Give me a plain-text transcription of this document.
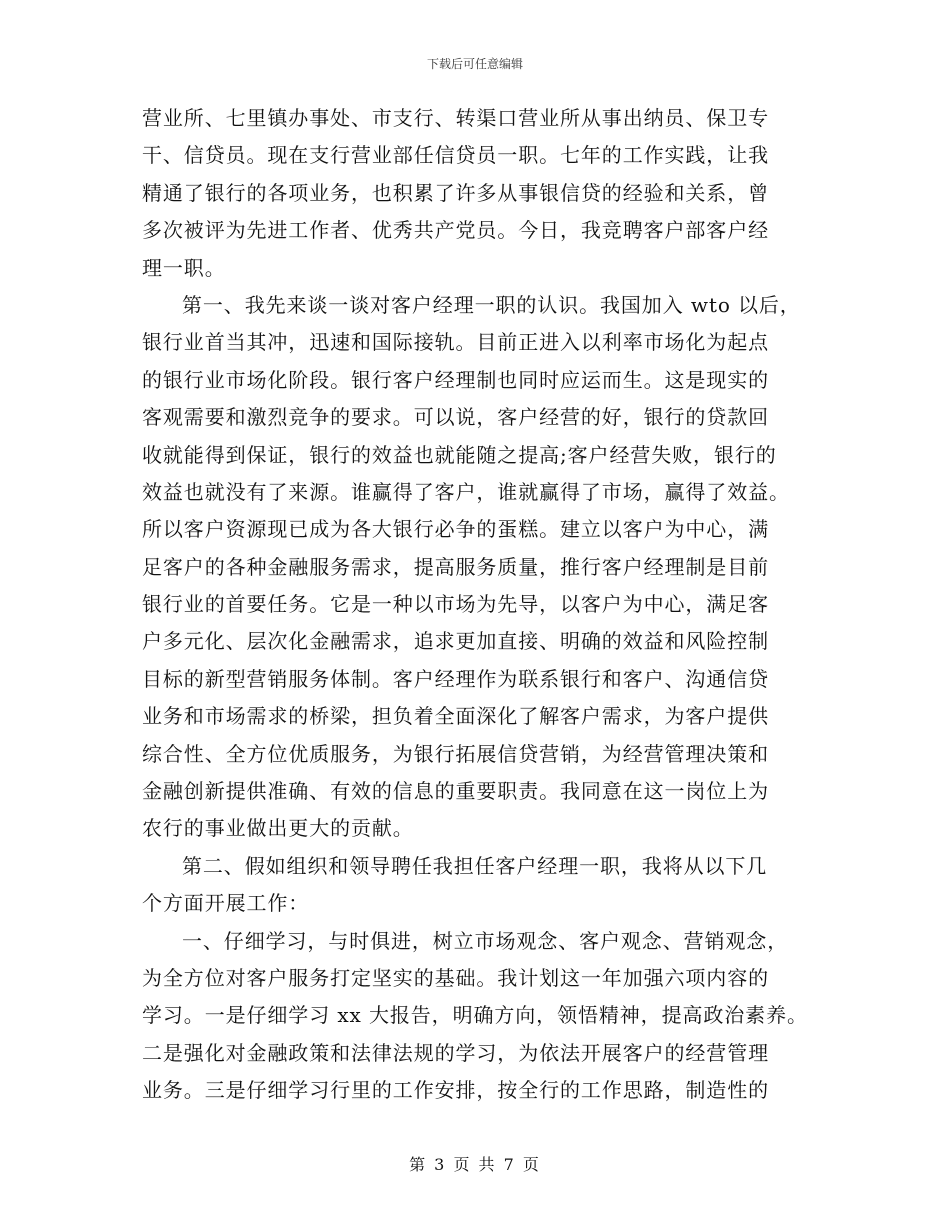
下载后可任意编辑
营业所、七里镇办事处、市支行、转渠口营业所从事出纳员、保卫专
干、信贷员。现在支行营业部任信贷员一职。七年的工作实践，让我
精通了银行的各项业务，也积累了许多从事银信贷的经验和关系，曾
多次被评为先进工作者、优秀共产党员。今日，我竞聘客户部客户经
理一职。
第一、我先来谈一谈对客户经理一职的认识。我国加入 wto 以后，
银行业首当其冲，迅速和国际接轨。目前正进入以利率市场化为起点
的银行业市场化阶段。银行客户经理制也同时应运而生。这是现实的
客观需要和激烈竞争的要求。可以说，客户经营的好，银行的贷款回
收就能得到保证，银行的效益也就能随之提高;客户经营失败，银行的
效益也就没有了来源。谁赢得了客户，谁就赢得了市场，赢得了效益。
所以客户资源现已成为各大银行必争的蛋糕。建立以客户为中心，满
足客户的各种金融服务需求，提高服务质量，推行客户经理制是目前
银行业的首要任务。它是一种以市场为先导，以客户为中心，满足客
户多元化、层次化金融需求，追求更加直接、明确的效益和风险控制
目标的新型营销服务体制。客户经理作为联系银行和客户、沟通信贷
业务和市场需求的桥梁，担负着全面深化了解客户需求，为客户提供
综合性、全方位优质服务，为银行拓展信贷营销，为经营管理决策和
金融创新提供准确、有效的信息的重要职责。我同意在这一岗位上为
农行的事业做出更大的贡献。
第二、假如组织和领导聘任我担任客户经理一职，我将从以下几
个方面开展工作：
一、仔细学习，与时俱进，树立市场观念、客户观念、营销观念，
为全方位对客户服务打定坚实的基础。我计划这一年加强六项内容的
学习。一是仔细学习 xx 大报告，明确方向，领悟精神，提高政治素养。
二是强化对金融政策和法律法规的学习，为依法开展客户的经营管理
业务。三是仔细学习行里的工作安排，按全行的工作思路，制造性的
第 3 页 共 7 页
